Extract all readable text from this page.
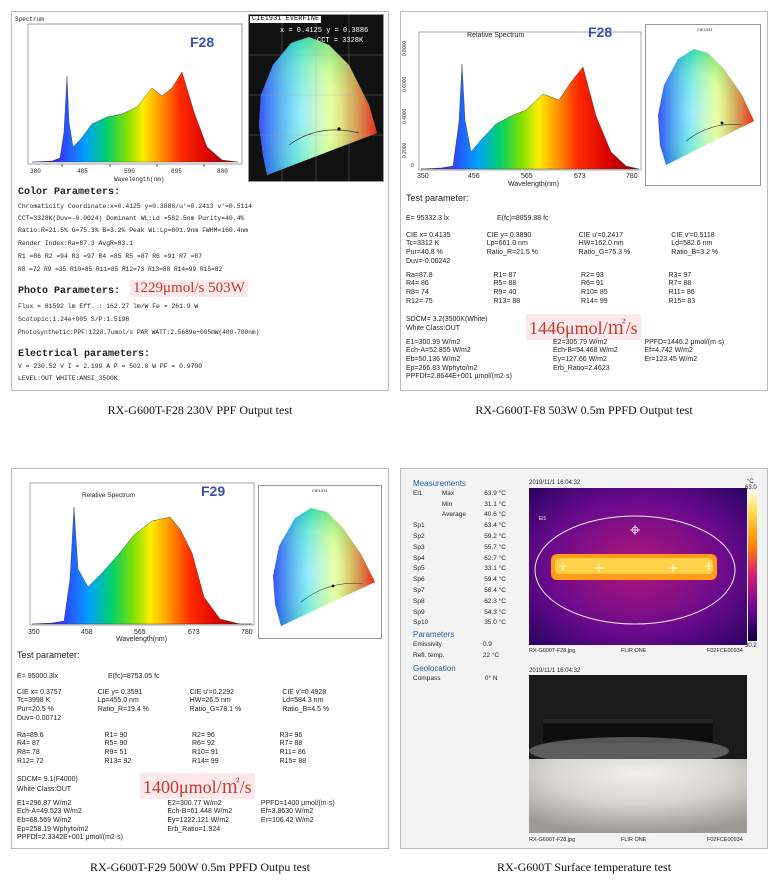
Spectrum
F28
380	485	590	695	800
Wavelength(nm)
CIE1931 EVERFINE
x = 0.4125 y = 0.3886
CCT = 3328K
Color Parameters:
Chromaticity Coordinate:x=0.4125 y=0.3886/u'=0.2413 v'=0.5114
CCT=3328K(Duv=-0.0024) Dominant WL:Ld =582.5nm Purity=40.4%
Ratio:R=21.5% G=75.3% B=3.2% Peak WL:Lp=601.9nm FWHM=160.4nm
Render Index:Ra=87.3 AvgR=83.1
R1 =86 R2 =94 R3 =97 R4 =85 R5 =87 R6 =91 R7 =87
R8 =72 R9 =35 R10=85 R11=85 R12=73 R13=88 R14=99 R15=82
Photo Parameters: 1229μmol/s 503W
Flux = 81592 lm Eff. : 162.27 lm/W Fe = 261.9 W
Scotopic:1.24e+005 S/P:1.5198
Photosynthetic:PPF:1228.7umol/s PAR WATT:2.5689e+005mW(400-700nm)
Electrical parameters:
V = 230.52 V I = 2.199 A P = 502.8 W PF = 0.9700
LEVEL:OUT WHITE:ANSI_3500K
RX-G600T-F28 230V PPF Output test
Relative Spectrum	F28
0.8000
0.6000
0.4000
0.2000
0
350	456	565	673	780
Wavelength(nm)
CIE1931
Test parameter:
E= 95332.3 lx	E(fc)=8859.88 fc
CIE x= 0.4135	CIE y= 0.3890	CIE u'=0.2417	CIE v'=0.5118
Tc=3312 K	Lp=661.0 nm	HW=162.0 nm	Ld=582.6 nm
Pur=40.8 %	Ratio_R=21.5 %	Ratio_G=75.3 %	Ratio_B=3.2 %
Duv=-0.00242			
Ra=87.8	R1= 87	R2= 93	R3= 97
R4= 86	R5= 88	R6= 91	R7= 88
R8= 74	R9= 40	R10= 85	R11= 86
R12= 75	R13= 88	R14= 99	R15= 83
SDCM= 3.2(3500K(White)
White Class:OUT	1446μmol/㎡/s
E1=300.99 W/m2	E2=305.79 W/m2	PPFD=1446.2 μmol/(m·s)
Ech-A=52.855 W/m2	Ech-B=54.468 W/m2	Ef=4.742 W/m2
Eb=50.136 W/m2	Ey=127.66 W/m2	Er=123.45 W/m2
Ep=266.83 Wphyto/m2	Erb_Ratio=2.4623	
PPFDf=2.8644E+001 μmol/(m2·s)		
RX-G600T-F8 503W 0.5m PPFD Output test
Relative Spectrum	F29
350	458	565	673	780
Wavelength(nm)
CIE1931
Test parameter:
E= 95000.3lx	E(fc)=8753.05 fc
CIE x= 0.3757	CIE y= 0.3591	CIE u'=0.2292	CIE v'=0.4928
Tc=3998 K	Lp=455.0 nm	HW=26.5 nm	Ld=584.3 nm
Pur=20.5 %	Ratio_R=19.4 %	Ratio_G=78.1 %	Ratio_B=4.5 %
Duv=-0.00712			
Ra=89.6	R1= 90	R2= 96	R3= 96
R4= 87	R5= 90	R6= 92	R7= 88
R8= 78	R9= 51	R10= 91	R11= 86
R12= 72	R13= 92	R14= 99	R15= 88
SDCM= 9.1(F4000)
White Class:OUT	1400μmol/㎡/s
E1=296.87 W/m2	E2=300.77 W/m2	PPFD=1400 μmol/(m·s)
Ech-A=49.523 W/m2	Ech-B=61.448 W/m2	Ef=3.8630 W/m2
Eb=68.569 W/m2	Ey=1222.121 W/m2	Er=106.42 W/m2
Ep=258.19 Wphyto/m2	Erb_Ratio=1.924	
PPFDf=2.3342E+001 μmol/(m2·s)		
RX-G600T-F29 500W 0.5m PPFD Outpu test
Measurements
El1	Max	63.9 °C
	Min	31.1 °C
	Average	40.6 °C
Sp1		63.4 °C
Sp2		59.2 °C
Sp3		55.7 °C
Sp4		62.7 °C
Sp5		33.1 °C
Sp6		59.4 °C
Sp7		56.4 °C
Sp8		62.3 °C
Sp9		54.3 °C
Sp10		35.0 °C
Parameters
Emissivity	0.9
Refl. temp.	22 °C
Geolocation
Compass	0° N
2019/11/1 16:04:32
El1
°C
63.0
30.2
RX-G600T-F28.jpg	FLIR ONE	F02FCE00934
2019/11/1 16:04:32
RX-G600T-F28.jpg	FLIR ONE	F02FCE00934
RX-G600T Surface temperature test
